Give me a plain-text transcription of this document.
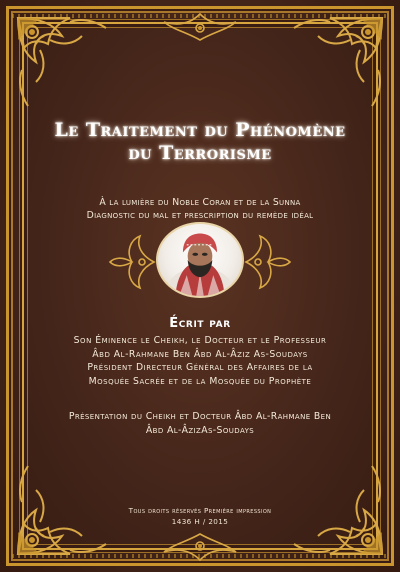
Le Traitement du Phénomène
du Terrorisme
À la lumière du Noble Coran et de la Sunna
Diagnostic du mal et prescription du remède idéal
Écrit par
Son Éminence le Cheikh, le Docteur et le Professeur
Âbd Al-Rahmane Ben Âbd Al-Âziz As-Soudays
Président Directeur Général des Affaires de la
Mosquée Sacrée et de la Mosquée du Prophète
Présentation du Cheikh et Docteur Âbd Al-Rahmane Ben
Âbd Al-ÂzizAs-Soudays
Tous droits réservés Première impression
1436 H / 2015
